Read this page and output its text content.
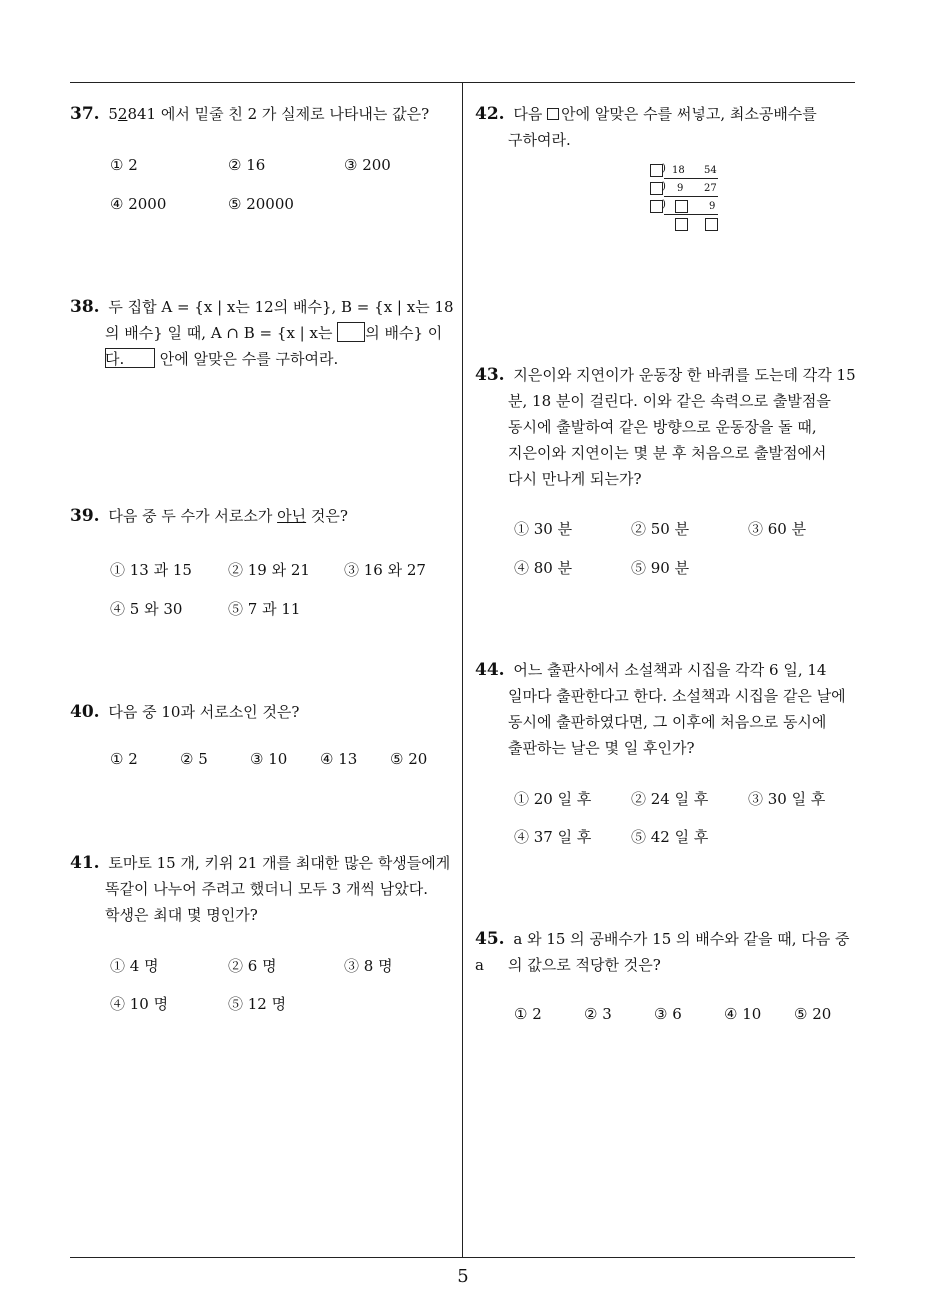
37. 52841 에서 밑줄 친 2 가 실제로 나타내는 값은?
① 2	② 16	③ 200
④ 2000	⑤ 20000
38. 두 집합 A = {x | x는 12의 배수}, B = {x | x는 18
의 배수} 일 때, A ∩ B = {x | x는 의 배수} 이다.	안에 알맞은 수를 구하여라.
39. 다음 중 두 수가 서로소가 아닌 것은?
① 13 과 15 ② 19 와 21 ③ 16 와 27
④ 5 와 30	⑤ 7 과 11
40. 다음 중 10과 서로소인 것은?
① 2	② 5	③ 10 ④ 13 ⑤ 20
41. 토마토 15 개, 키위 21 개를 최대한 많은 학생들에게
똑같이 나누어 주려고 했더니 모두 3 개씩 남았다.
학생은 최대 몇 명인가?
① 4 명	② 6 명	③ 8 명
④ 10 명	⑤ 12 명
42. 다음 안에 알맞은 수를 써넣고, 최소공배수를
구하여라.
) 18 54
) 9 27
)	9
43. 지은이와 지연이가 운동장 한 바퀴를 도는데 각각 15
분, 18 분이 걸린다. 이와 같은 속력으로 출발점을
동시에 출발하여 같은 방향으로 운동장을 돌 때,
지은이와 지연이는 몇 분 후 처음으로 출발점에서
다시 만나게 되는가?
① 30 분	② 50 분	③ 60 분
④ 80 분	⑤ 90 분
44. 어느 출판사에서 소설책과 시집을 각각 6 일, 14
일마다 출판한다고 한다. 소설책과 시집을 같은 날에
동시에 출판하였다면, 그 이후에 처음으로 동시에
출판하는 날은 몇 일 후인가?
① 20 일 후	② 24 일 후	③ 30 일 후
④ 37 일 후	⑤ 42 일 후
45. a 와 15 의 공배수가 15 의 배수와 같을 때, 다음 중 a	의 값으로 적당한 것은?
① 2	② 3	③ 6	④ 10 ⑤ 20
5
